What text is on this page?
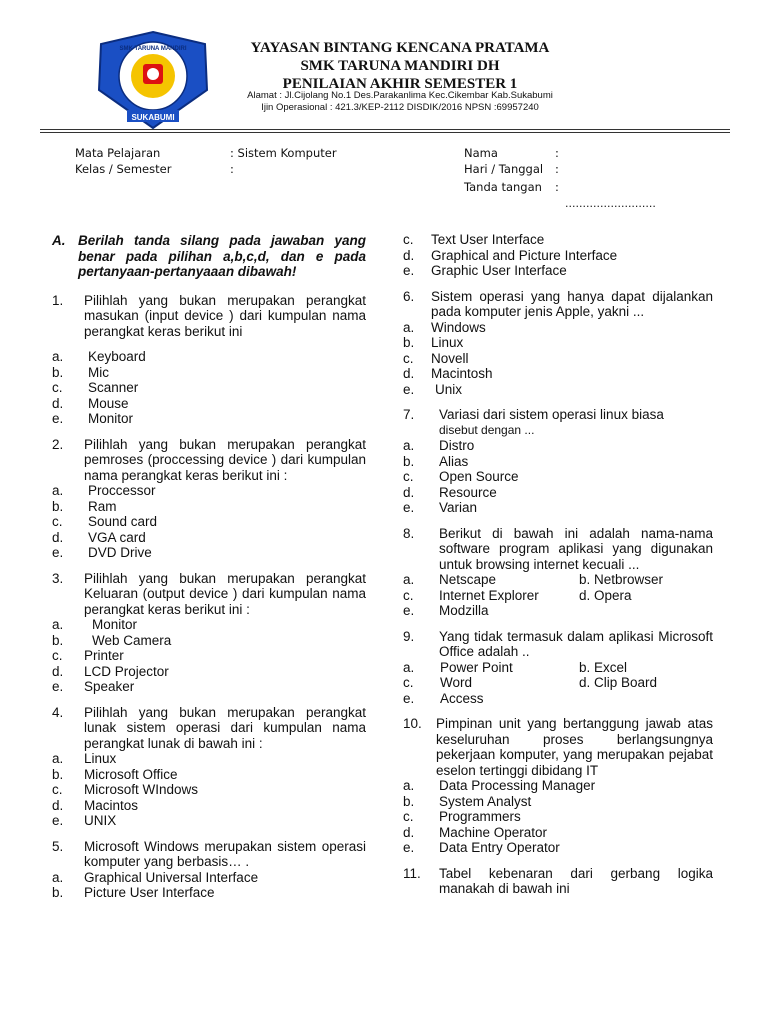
SUKABUMI
SMK TARUNA MANDIRI	YAYASAN BINTANG KENCANA PRATAMA
SMK TARUNA MANDIRI DH
PENILAIAN AKHIR SEMESTER 1
Alamat : Jl.Cijolang No.1 Des.Parakanlima Kec.Cikembar Kab.Sukabumi
Ijin Operasional : 421.3/KEP-2112 DISDIK/2016 NPSN :69957240
Mata Pelajaran	: Sistem Komputer
Kelas / Semester	:
Nama	:
Hari / Tanggal :
Tanda tangan :
..........................
A. Berilah tanda silang pada jawaban yang benar pada pilihan a,b,c,d, dan e pada pertanyaan-pertanyaaan dibawah!
1.	Pilihlah yang bukan merupakan perangkat masukan (input device ) dari kumpulan nama perangkat keras berikut ini
a.	Keyboard
b.	Mic
c.	Scanner
d.	Mouse
e.	Monitor
2.	Pilihlah yang bukan merupakan perangkat pemroses (proccessing device ) dari kumpulan nama perangkat keras berikut ini :
a.	Proccessor
b.	Ram
c.	Sound card
d.	VGA card
e.	DVD Drive
3.	Pilihlah yang bukan merupakan perangkat Keluaran (output device ) dari kumpulan nama perangkat keras berikut ini :
a.	Monitor
b.	Web Camera
c.	Printer
d.	LCD Projector
e.	Speaker
4.	Pilihlah yang bukan merupakan perangkat lunak sistem operasi dari kumpulan nama perangkat lunak di bawah ini :
a.	Linux
b.	Microsoft Office
c.	Microsoft WIndows
d.	Macintos
e.	UNIX
5.	Microsoft Windows merupakan sistem operasi komputer yang berbasis… .
a.	Graphical Universal Interface
b.	Picture User Interface
c.	Text User Interface
d.	Graphical and Picture Interface
e.	Graphic User Interface
6.	Sistem operasi yang hanya dapat dijalankan pada komputer jenis Apple, yakni ...
a.	Windows
b.	Linux
c.	Novell
d.	Macintosh
e.	Unix
7.	Variasi dari sistem operasi linux biasa
disebut dengan ...
a.	Distro
b.	Alias
c.	Open Source
d.	Resource
e.	Varian
8.	Berikut di bawah ini adalah nama-nama software program aplikasi yang digunakan untuk browsing internet kecuali ...
a.	Netscape	b. Netbrowser
c.	Internet Explorer	d. Opera
e.	Modzilla
9.	Yang tidak termasuk dalam aplikasi Microsoft Office adalah ..
a.	Power Point	b. Excel
c.	Word	d. Clip Board
e.	Access
10.	Pimpinan unit yang bertanggung jawab atas keseluruhan proses berlangsungnya pekerjaan komputer, yang merupakan pejabat eselon tertinggi dibidang IT
a.	Data Processing Manager
b.	System Analyst
c.	Programmers
d.	Machine Operator
e.	Data Entry Operator
11.	Tabel kebenaran dari gerbang logika manakah di bawah ini
